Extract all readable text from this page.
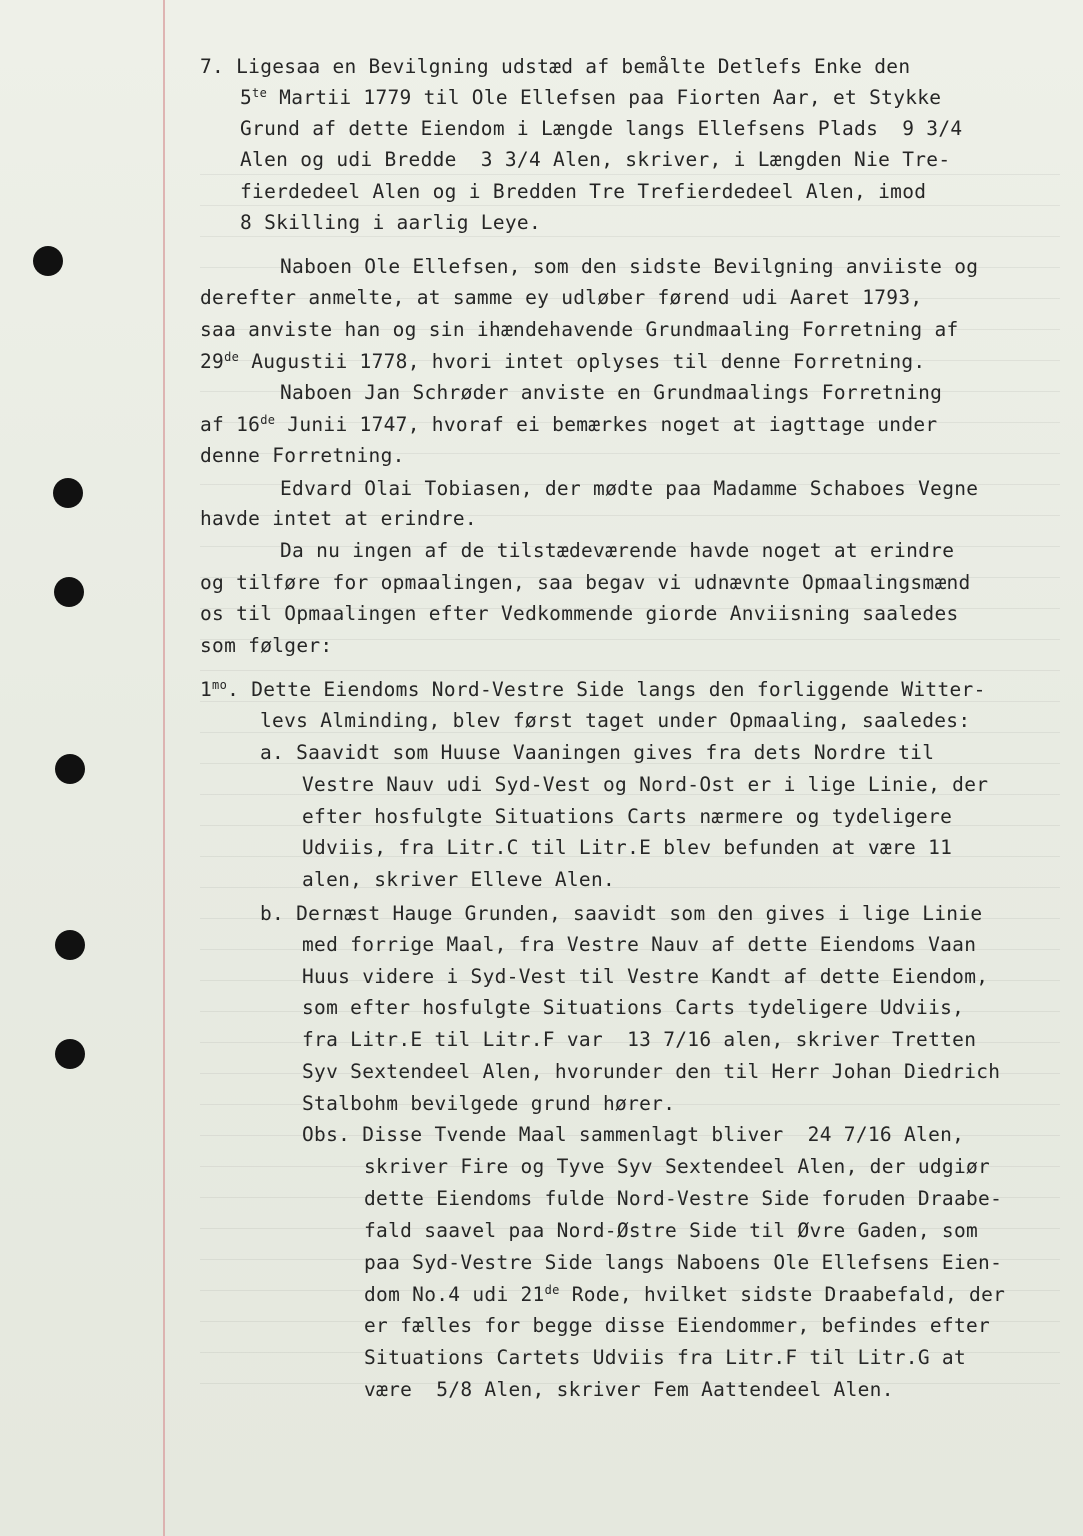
7. Ligesaa en Bevilgning udstæd af bemålte Detlefs Enke den
$5^{te}$ Martii 1779 til Ole Ellefsen paa Fiorten Aar, et Stykke
Grund af dette Eiendom i Længde langs Ellefsens Plads  9 3/4
Alen og udi Bredde  3 3/4 Alen, skriver, i Længden Nie Tre-
fierdedeel Alen og i Bredden Tre Trefierdedeel Alen, imod
8 Skilling i aarlig Leye.
Naboen Ole Ellefsen, som den sidste Bevilgning anviiste og
derefter anmelte, at samme ey udløber førend udi Aaret 1793,
saa anviste han og sin ihændehavende Grundmaaling Forretning af
29de Augustii 1778, hvori intet oplyses til denne Forretning.
Naboen Jan Schrøder anviste en Grundmaalings Forretning
af 16de Junii 1747, hvoraf ei bemærkes noget at iagttage under
denne Forretning.
Edvard Olai Tobiasen, der mødte paa Madamme Schaboes Vegne
havde intet at erindre.
Da nu ingen af de tilstædeværende havde noget at erindre
og tilføre for opmaalingen, saa begav vi udnævnte Opmaalingsmænd
os til Opmaalingen efter Vedkommende giorde Anviisning saaledes
som følger:
$1^{mo}$. Dette Eiendoms Nord-Vestre Side langs den forliggende Witter-
levs Alminding, blev først taget under Opmaaling, saaledes:
a. Saavidt som Huuse Vaaningen gives fra dets Nordre til
Vestre Nauv udi Syd-Vest og Nord-Ost er i lige Linie, der
efter hosfulgte Situations Carts nærmere og tydeligere
Udviis, fra Litr.C til Litr.E blev befunden at være 11
alen, skriver Elleve Alen.
b. Dernæst Hauge Grunden, saavidt som den gives i lige Linie
med forrige Maal, fra Vestre Nauv af dette Eiendoms Vaan
Huus videre i Syd-Vest til Vestre Kandt af dette Eiendom,
som efter hosfulgte Situations Carts tydeligere Udviis,
fra Litr.E til Litr.F var  13 7/16 alen, skriver Tretten
Syv Sextendeel Alen, hvorunder den til Herr Johan Diedrich
Stalbohm bevilgede grund hører.
Obs. Disse Tvende Maal sammenlagt bliver  24 7/16 Alen,
skriver Fire og Tyve Syv Sextendeel Alen, der udgiør
dette Eiendoms fulde Nord-Vestre Side foruden Draabe-
fald saavel paa Nord-Østre Side til Øvre Gaden, som
paa Syd-Vestre Side langs Naboens Ole Ellefsens Eien-
dom No.4 udi 21de Rode, hvilket sidste Draabefald, der
er fælles for begge disse Eiendommer, befindes efter
Situations Cartets Udviis fra Litr.F til Litr.G at
være  5/8 Alen, skriver Fem Aattendeel Alen.
